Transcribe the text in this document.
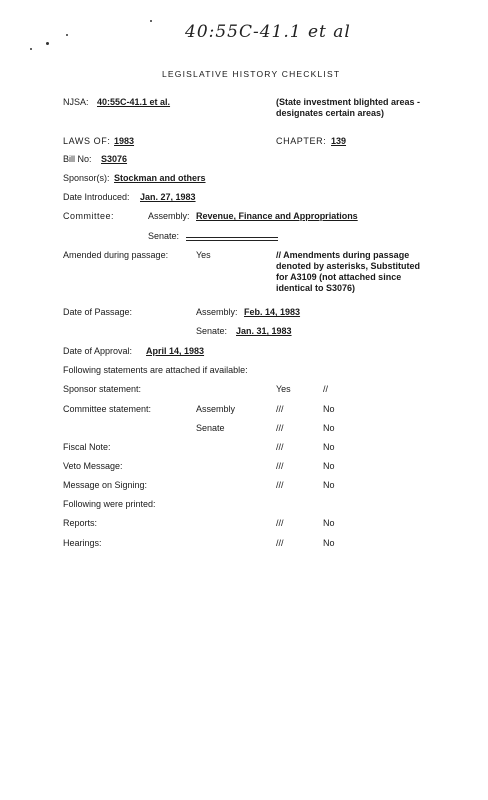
40:55C-41.1 et al
LEGISLATIVE HISTORY CHECKLIST
NJSA: 40:55C-41.1 et al.	(State investment blighted areas - designates certain areas)
LAWS OF: 1983	CHAPTER: 139
Bill No: S3076
Sponsor(s): Stockman and others
Date Introduced: Jan. 27, 1983
Committee:	Assembly: Revenue, Finance and Appropriations
Senate:
Amended during passage:	Yes	// Amendments during passage denoted by asterisks, Substituted for A3109 (not attached since identical to S3076)
Date of Passage:	Assembly: Feb. 14, 1983
Senate: Jan. 31, 1983
Date of Approval: April 14, 1983
Following statements are attached if available:
Sponsor statement:	Yes	//
Committee statement:	Assembly	///	No
Senate	///	No
Fiscal Note:	///	No
Veto Message:	///	No
Message on Signing:	///	No
Following were printed:
Reports:	///	No
Hearings:	///	No
